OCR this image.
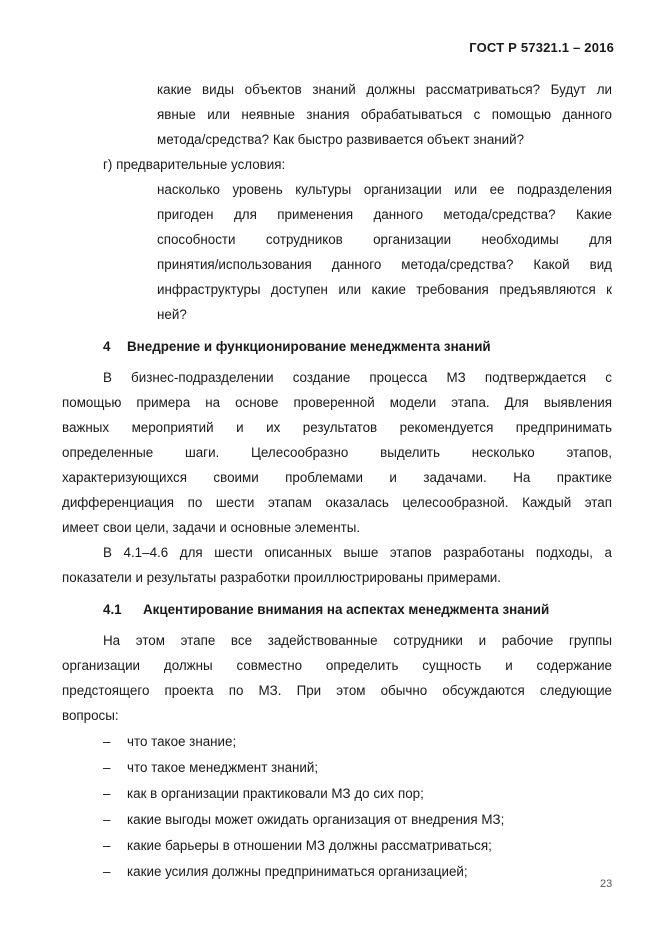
ГОСТ Р 57321.1 – 2016
какие виды объектов знаний должны рассматриваться? Будут ли
явные или неявные знания обрабатываться с помощью данного
метода/средства? Как быстро развивается объект знаний?
г) предварительные условия:
насколько уровень культуры организации или ее подразделения
пригоден для применения данного метода/средства? Какие
способности сотрудников организации необходимы для
принятия/использования данного метода/средства? Какой вид
инфраструктуры доступен или какие требования предъявляются к
ней?
4 Внедрение и функционирование менеджмента знаний
В бизнес-подразделении создание процесса МЗ подтверждается с
помощью примера на основе проверенной модели этапа. Для выявления
важных мероприятий и их результатов рекомендуется предпринимать
определенные шаги. Целесообразно выделить несколько этапов,
характеризующихся своими проблемами и задачами. На практике
дифференциация по шести этапам оказалась целесообразной. Каждый этап
имеет свои цели, задачи и основные элементы.
В 4.1–4.6 для шести описанных выше этапов разработаны подходы, а
показатели и результаты разработки проиллюстрированы примерами.
4.1 Акцентирование внимания на аспектах менеджмента знаний
На этом этапе все задействованные сотрудники и рабочие группы
организации должны совместно определить сущность и содержание
предстоящего проекта по МЗ. При этом обычно обсуждаются следующие
вопросы:
– что такое знание;
– что такое менеджмент знаний;
– как в организации практиковали МЗ до сих пор;
– какие выгоды может ожидать организация от внедрения МЗ;
– какие барьеры в отношении МЗ должны рассматриваться;
– какие усилия должны предприниматься организацией;
23
